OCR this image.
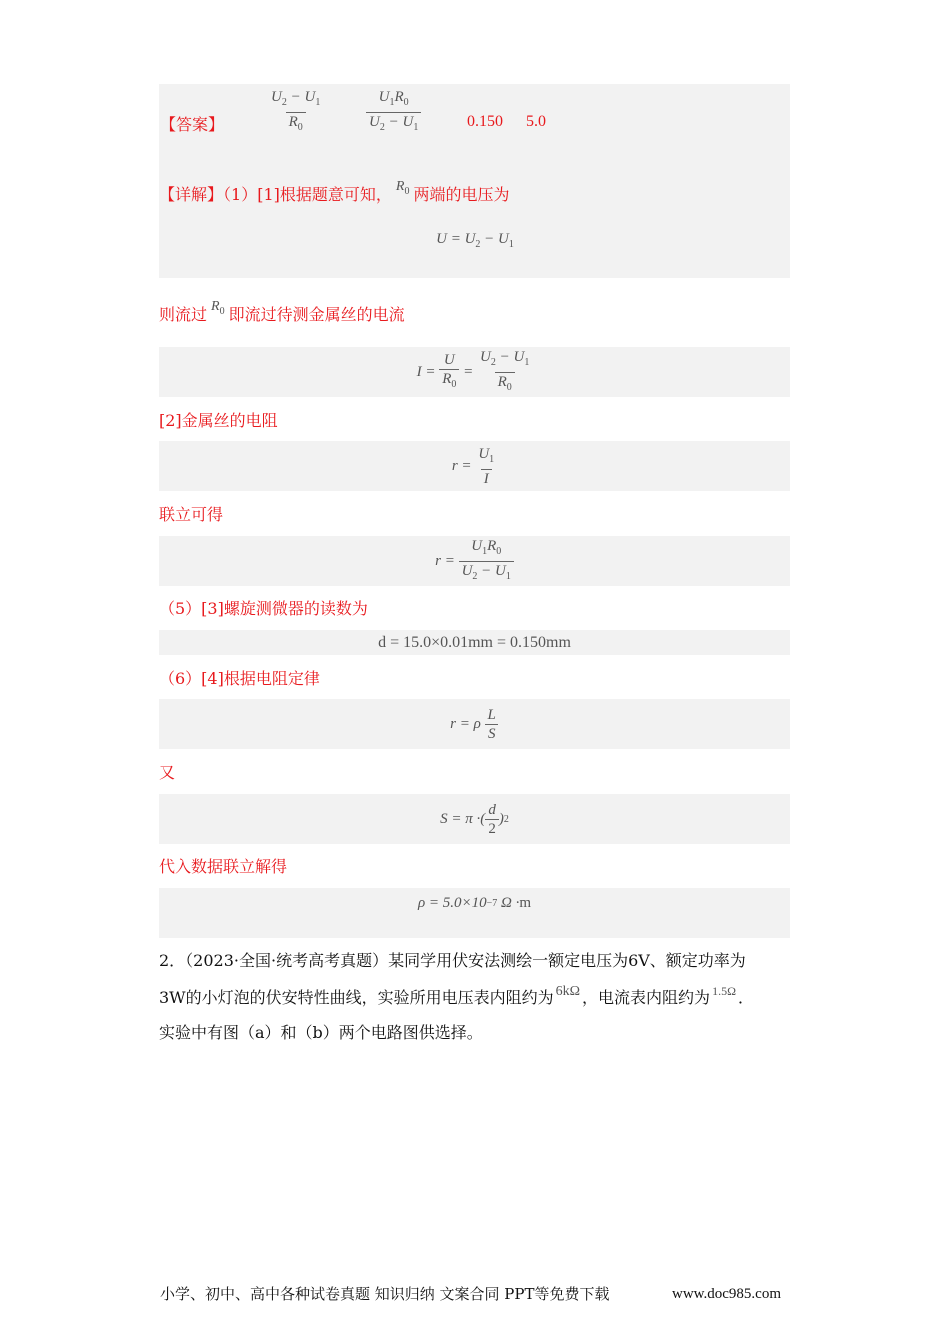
【答案】	$\frac{U_2 - U_1}{R_0}$	$\frac{U_1R_0}{U_2 - U_1}$	0.150 5.0
【详解】（1）[1]根据题意可知， $R_0$ 两端的电压为
$U = U_2 - U_1$
则流过 $R_0$ 即流过待测金属丝的电流
$I = \frac{U}{R_0} = \frac{U_2 - U_1}{R_0}$
[2]金属丝的电阻
$r = \frac{U_1}{I}$
联立可得
$r = \frac{U_1R_0}{U_2 - U_1}$
（5）[3]螺旋测微器的读数为
d = 15.0×0.01mm = 0.150mm
（6）[4]根据电阻定律
r = ρ $\frac{L}{S}$
又
S = π ·( $\frac{d}{2}$ ) 2
代入数据联立解得
ρ = 5.0×10 −7 Ω · m
2．（2023·全国·统考高考真题）某同学用伏安法测绘一额定电压为6V、额定功率为
3W的小灯泡的伏安特性曲线，实验所用电压表内阻约为 6kΩ ，电流表内阻约为 $^{1.5\Omega}$ ．
实验中有图（a）和（b）两个电路图供选择。
小学、初中、高中各种试卷真题 知识归纳 文案合同 PPT等免费下载	www.doc985.com
